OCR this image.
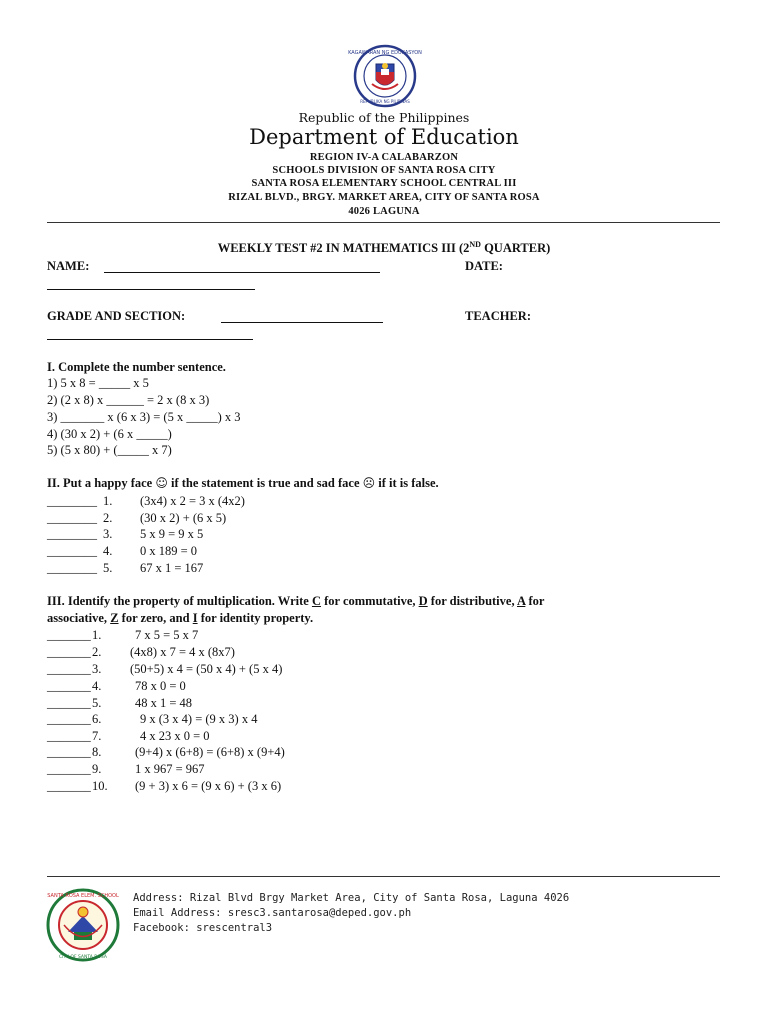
KAGAWARAN NG EDUKASYON
REPUBLIKA NG PILIPINAS
Republic of the Philippines
Department of Education
REGION IV-A CALABARZON
SCHOOLS DIVISION OF SANTA ROSA CITY
SANTA ROSA ELEMENTARY SCHOOL CENTRAL III
RIZAL BLVD., BRGY. MARKET AREA, CITY OF SANTA ROSA
4026 LAGUNA
WEEKLY TEST #2 IN MATHEMATICS III (2ND QUARTER)
NAME:	DATE:
GRADE AND SECTION:	TEACHER:
I. Complete the number sentence.
1) 5 x 8 = _____ x 5
2) (2 x 8) x ______ = 2 x (8 x 3)
3) _______ x (6 x 3) = (5 x _____) x 3
4) (30 x 2) + (6 x _____)
5) (5 x 80) + (_____ x 7)
II. Put a happy face ☺ if the statement is true and sad face ☹ if it is false.
________ 1. (3x4) x 2 = 3 x (4x2)
________ 2. (30 x 2) + (6 x 5)
________ 3. 5 x 9 = 9 x 5
________ 4. 0 x 189 = 0
________ 5. 67 x 1 = 167
III. Identify the property of multiplication. Write C for commutative, D for distributive, A for
associative, Z for zero, and I for identity property.
_______ 1.	7 x 5 = 5 x 7
_______ 2. (4x8) x 7 = 4 x (8x7)
_______ 3. (50+5) x 4 = (50 x 4) + (5 x 4)
_______ 4.	78 x 0 = 0
_______ 5.	48 x 1 = 48
_______ 6.	9 x (3 x 4) = (9 x 3) x 4
_______ 7.	4 x 23 x 0 = 0
_______ 8.	(9+4) x (6+8) = (6+8) x (9+4)
_______ 9.	1 x 967 = 967
_______ 10. (9 + 3) x 6 = (9 x 6) + (3 x 6)
SANTA ROSA ELEM. SCHOOL
CITY OF SANTA ROSA
Address: Rizal Blvd Brgy Market Area, City of Santa Rosa, Laguna 4026
Email Address: sresc3.santarosa@deped.gov.ph
Facebook: srescentral3
